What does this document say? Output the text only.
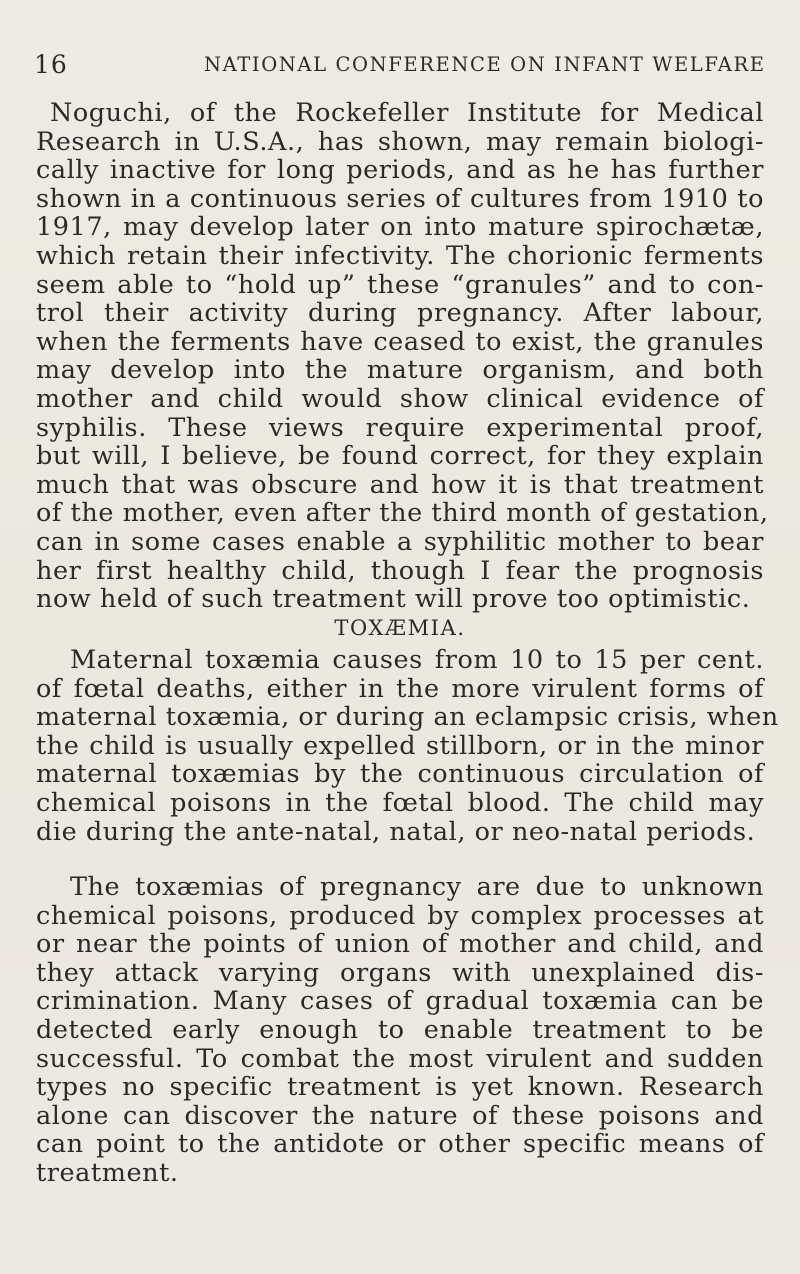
16	NATIONAL CONFERENCE ON INFANT WELFARE
Noguchi, of the Rockefeller Institute for Medical
Research in U.S.A., has shown, may remain biologi-
cally inactive for long periods, and as he has further
shown in a continuous series of cultures from 1910 to
1917, may develop later on into mature spirochætæ,
which retain their infectivity. The chorionic ferments
seem able to “hold up” these “granules” and to con-
trol their activity during pregnancy. After labour,
when the ferments have ceased to exist, the granules
may develop into the mature organism, and both
mother and child would show clinical evidence of
syphilis. These views require experimental proof,
but will, I believe, be found correct, for they explain
much that was obscure and how it is that treatment
of the mother, even after the third month of gestation,
can in some cases enable a syphilitic mother to bear
her first healthy child, though I fear the prognosis
now held of such treatment will prove too optimistic.
TOXÆMIA.
Maternal toxæmia causes from 10 to 15 per cent.
of fœtal deaths, either in the more virulent forms of
maternal toxæmia, or during an eclampsic crisis, when
the child is usually expelled stillborn, or in the minor
maternal toxæmias by the continuous circulation of
chemical poisons in the fœtal blood. The child may
die during the ante-natal, natal, or neo-natal periods.
The toxæmias of pregnancy are due to unknown
chemical poisons, produced by complex processes at
or near the points of union of mother and child, and
they attack varying organs with unexplained dis-
crimination. Many cases of gradual toxæmia can be
detected early enough to enable treatment to be
successful. To combat the most virulent and sudden
types no specific treatment is yet known. Research
alone can discover the nature of these poisons and
can point to the antidote or other specific means of
treatment.
